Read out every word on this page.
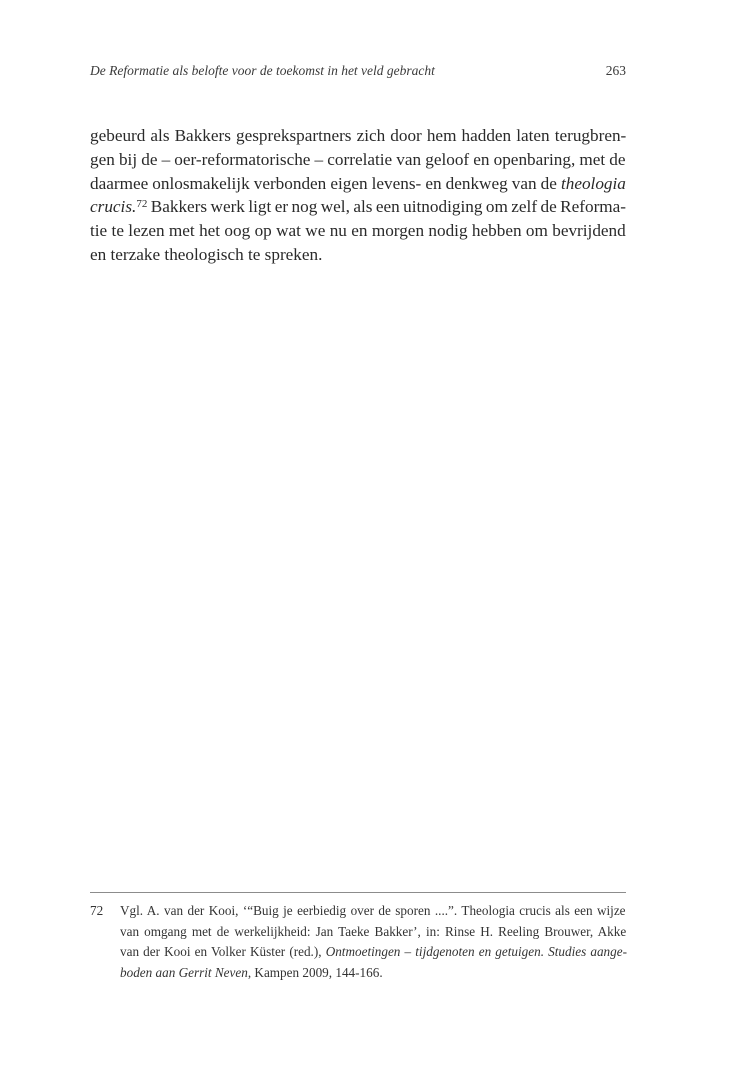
De Reformatie als belofte voor de toekomst in het veld gebracht	263
gebeurd als Bakkers gesprekspartners zich door hem hadden laten terugbren-
gen bij de – oer-reformatorische – correlatie van geloof en openbaring, met de
daarmee onlosmakelijk verbonden eigen levens- en denkweg van de theologia
crucis.$^{72}$ Bakkers werk ligt er nog wel, als een uitnodiging om zelf de Reforma-
tie te lezen met het oog op wat we nu en morgen nodig hebben om bevrijdend
en terzake theologisch te spreken.
72 Vgl. A. van der Kooi, ‘“Buig je eerbiedig over de sporen ....”. Theologia crucis als een wijze
van omgang met de werkelijkheid: Jan Taeke Bakker’, in: Rinse H. Reeling Brouwer, Akke
van der Kooi en Volker Küster (red.), Ontmoetingen – tijdgenoten en getuigen. Studies aange-
boden aan Gerrit Neven, Kampen 2009, 144-166.
